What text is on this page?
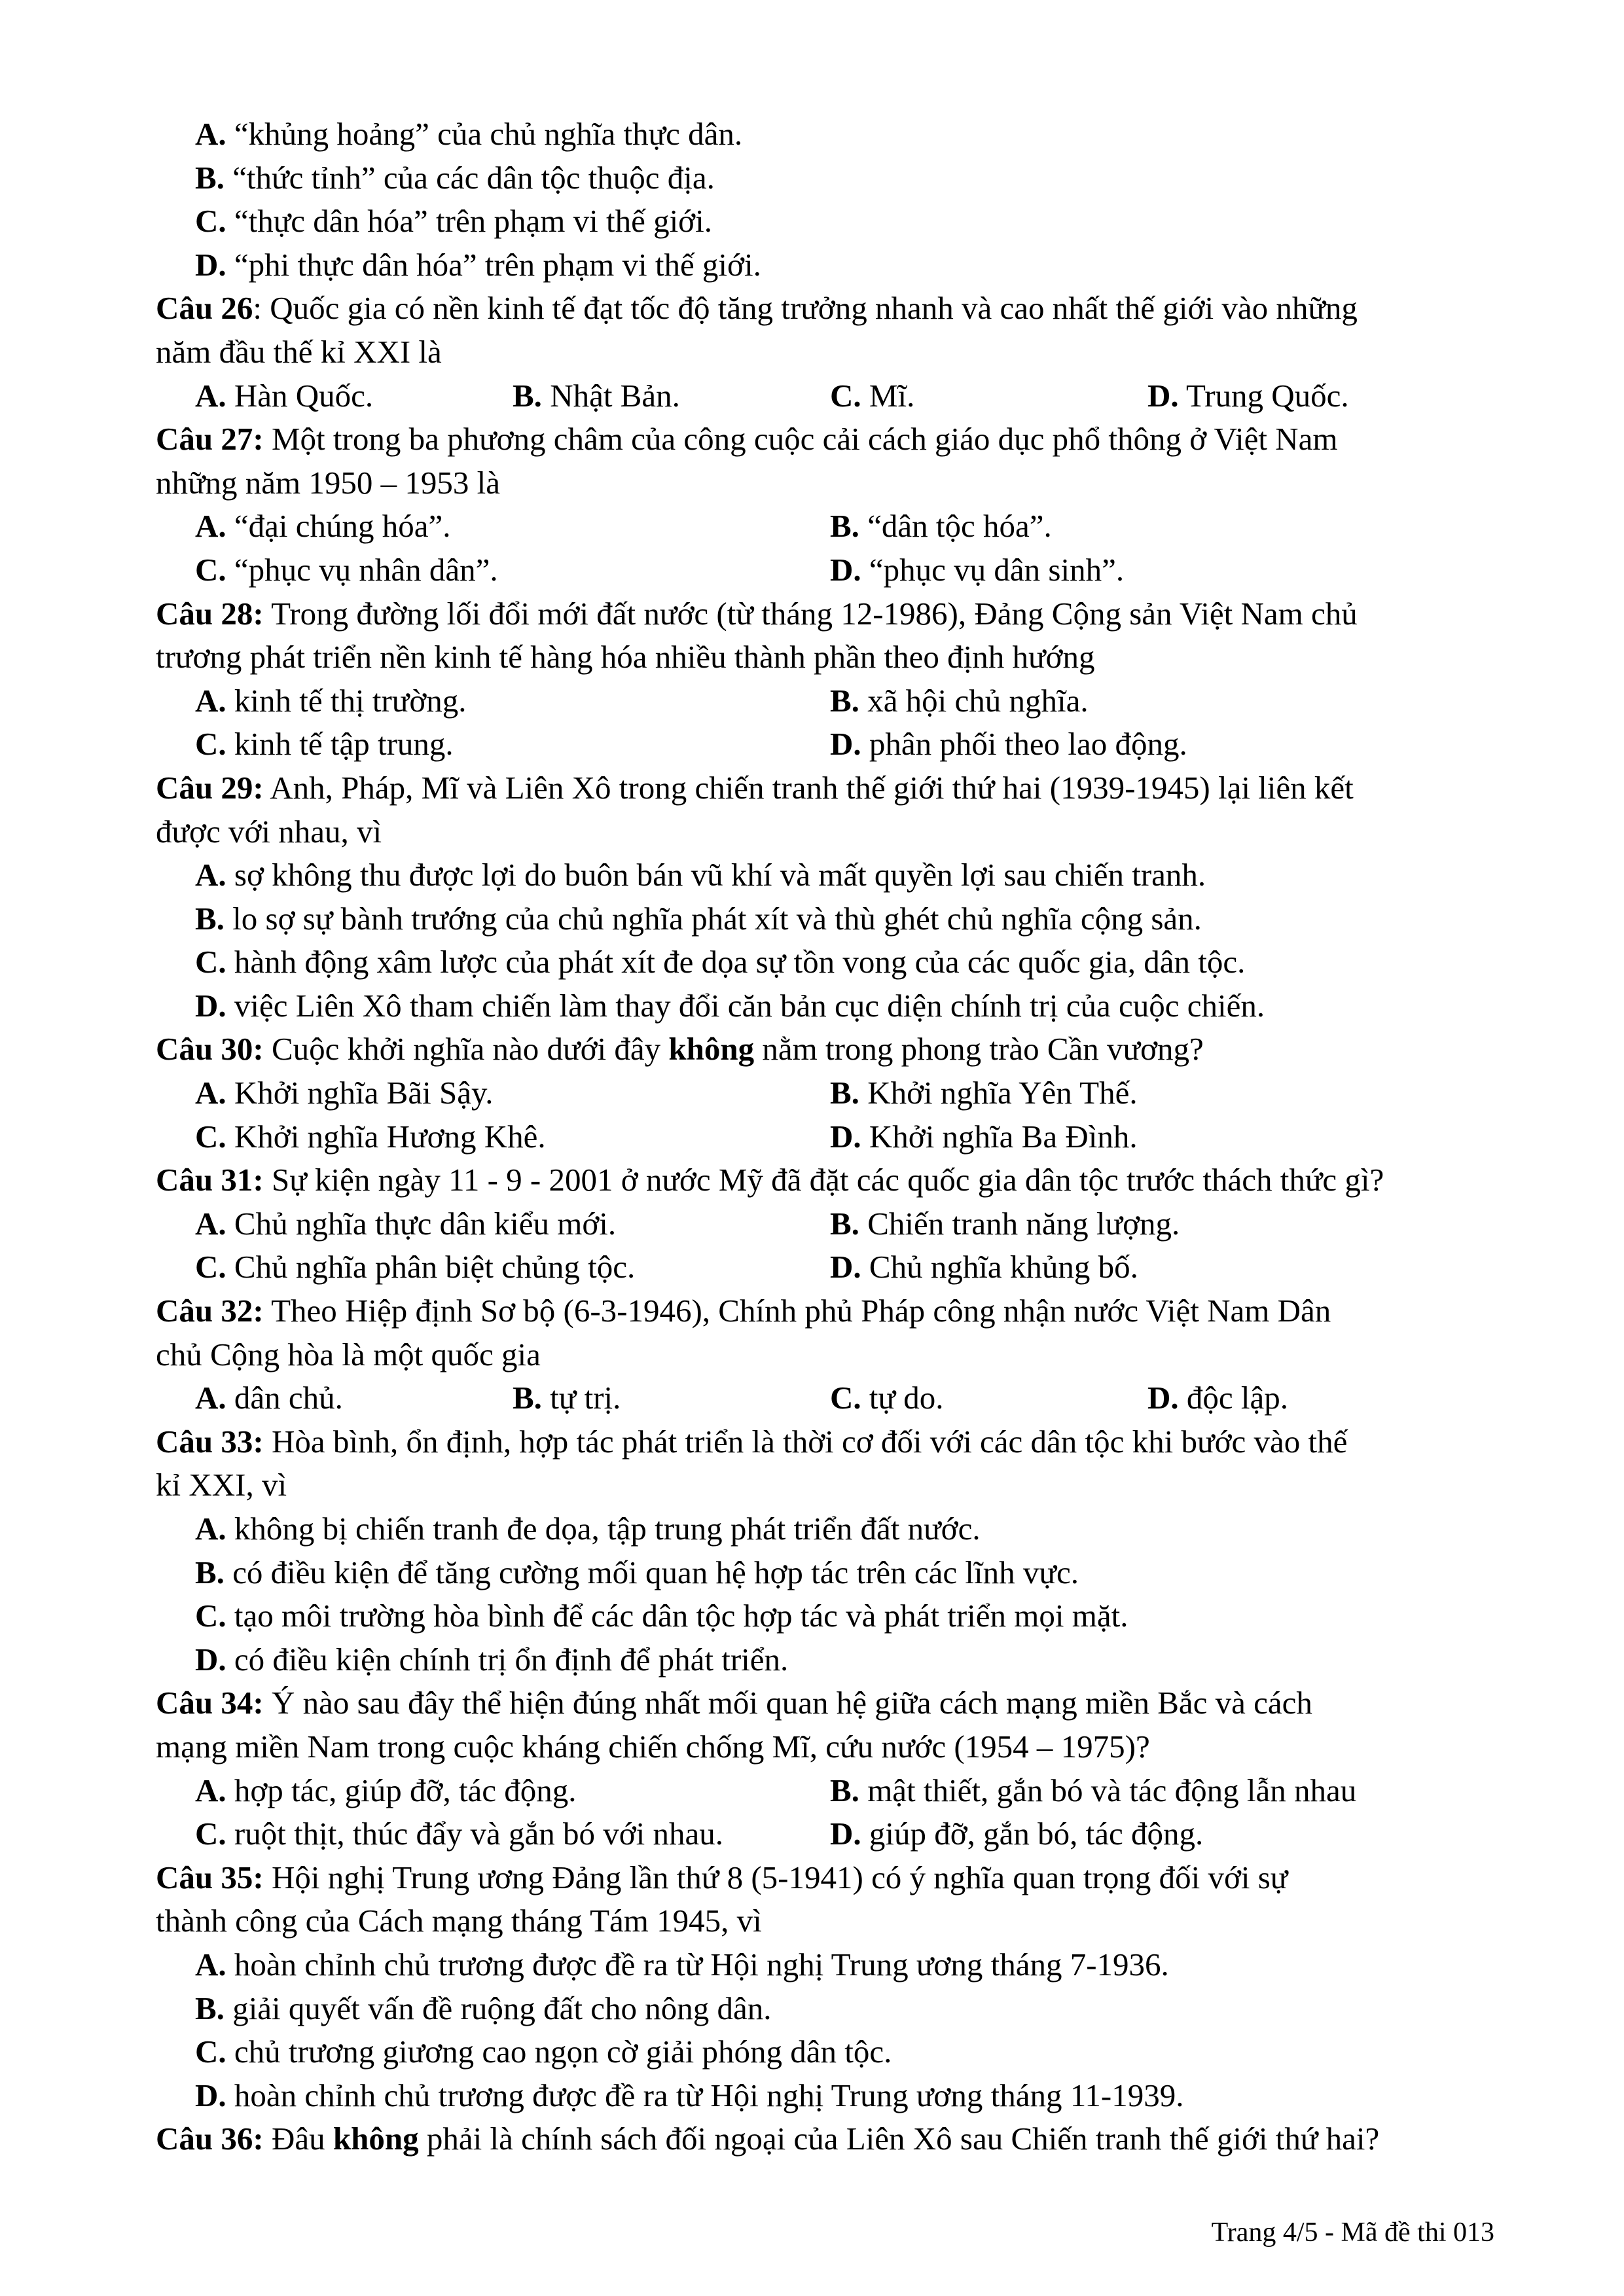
A. “khủng hoảng” của chủ nghĩa thực dân.
B. “thức tỉnh” của các dân tộc thuộc địa.
C. “thực dân hóa” trên phạm vi thế giới.
D. “phi thực dân hóa” trên phạm vi thế giới.
Câu 26: Quốc gia có nền kinh tế đạt tốc độ tăng trưởng nhanh và cao nhất thế giới vào những
năm đầu thế kỉ XXI là
A. Hàn Quốc.	B. Nhật Bản.	C. Mĩ.	D. Trung Quốc.
Câu 27: Một trong ba phương châm của công cuộc cải cách giáo dục phổ thông ở Việt Nam
những năm 1950 – 1953 là
A. “đại chúng hóa”.	B. “dân tộc hóa”.
C. “phục vụ nhân dân”.	D. “phục vụ dân sinh”.
Câu 28: Trong đường lối đổi mới đất nước (từ tháng 12-1986), Đảng Cộng sản Việt Nam chủ
trương phát triển nền kinh tế hàng hóa nhiều thành phần theo định hướng
A. kinh tế thị trường.	B. xã hội chủ nghĩa.
C. kinh tế tập trung.	D. phân phối theo lao động.
Câu 29: Anh, Pháp, Mĩ và Liên Xô trong chiến tranh thế giới thứ hai (1939-1945) lại liên kết
được với nhau, vì
A. sợ không thu được lợi do buôn bán vũ khí và mất quyền lợi sau chiến tranh.
B. lo sợ sự bành trướng của chủ nghĩa phát xít và thù ghét chủ nghĩa cộng sản.
C. hành động xâm lược của phát xít đe dọa sự tồn vong của các quốc gia, dân tộc.
D. việc Liên Xô tham chiến làm thay đổi căn bản cục diện chính trị của cuộc chiến.
Câu 30: Cuộc khởi nghĩa nào dưới đây không nằm trong phong trào Cần vương?
A. Khởi nghĩa Bãi Sậy.	B. Khởi nghĩa Yên Thế.
C. Khởi nghĩa Hương Khê.	D. Khởi nghĩa Ba Đình.
Câu 31: Sự kiện ngày 11 - 9 - 2001 ở nước Mỹ đã đặt các quốc gia dân tộc trước thách thức gì?
A. Chủ nghĩa thực dân kiểu mới.	B. Chiến tranh năng lượng.
C. Chủ nghĩa phân biệt chủng tộc.	D. Chủ nghĩa khủng bố.
Câu 32: Theo Hiệp định Sơ bộ (6-3-1946), Chính phủ Pháp công nhận nước Việt Nam Dân
chủ Cộng hòa là một quốc gia
A. dân chủ.	B. tự trị.	C. tự do.	D. độc lập.
Câu 33: Hòa bình, ổn định, hợp tác phát triển là thời cơ đối với các dân tộc khi bước vào thế
kỉ XXI, vì
A. không bị chiến tranh đe dọa, tập trung phát triển đất nước.
B. có điều kiện để tăng cường mối quan hệ hợp tác trên các lĩnh vực.
C. tạo môi trường hòa bình để các dân tộc hợp tác và phát triển mọi mặt.
D. có điều kiện chính trị ổn định để phát triển.
Câu 34: Ý nào sau đây thể hiện đúng nhất mối quan hệ giữa cách mạng miền Bắc và cách
mạng miền Nam trong cuộc kháng chiến chống Mĩ, cứu nước (1954 – 1975)?
A. hợp tác, giúp đỡ, tác động.	B. mật thiết, gắn bó và tác động lẫn nhau
C. ruột thịt, thúc đẩy và gắn bó với nhau.	D. giúp đỡ, gắn bó, tác động.
Câu 35: Hội nghị Trung ương Đảng lần thứ 8 (5-1941) có ý nghĩa quan trọng đối với sự
thành công của Cách mạng tháng Tám 1945, vì
A. hoàn chỉnh chủ trương được đề ra từ Hội nghị Trung ương tháng 7-1936.
B. giải quyết vấn đề ruộng đất cho nông dân.
C. chủ trương giương cao ngọn cờ giải phóng dân tộc.
D. hoàn chỉnh chủ trương được đề ra từ Hội nghị Trung ương tháng 11-1939.
Câu 36: Đâu không phải là chính sách đối ngoại của Liên Xô sau Chiến tranh thế giới thứ hai?
Trang 4/5 - Mã đề thi 013
